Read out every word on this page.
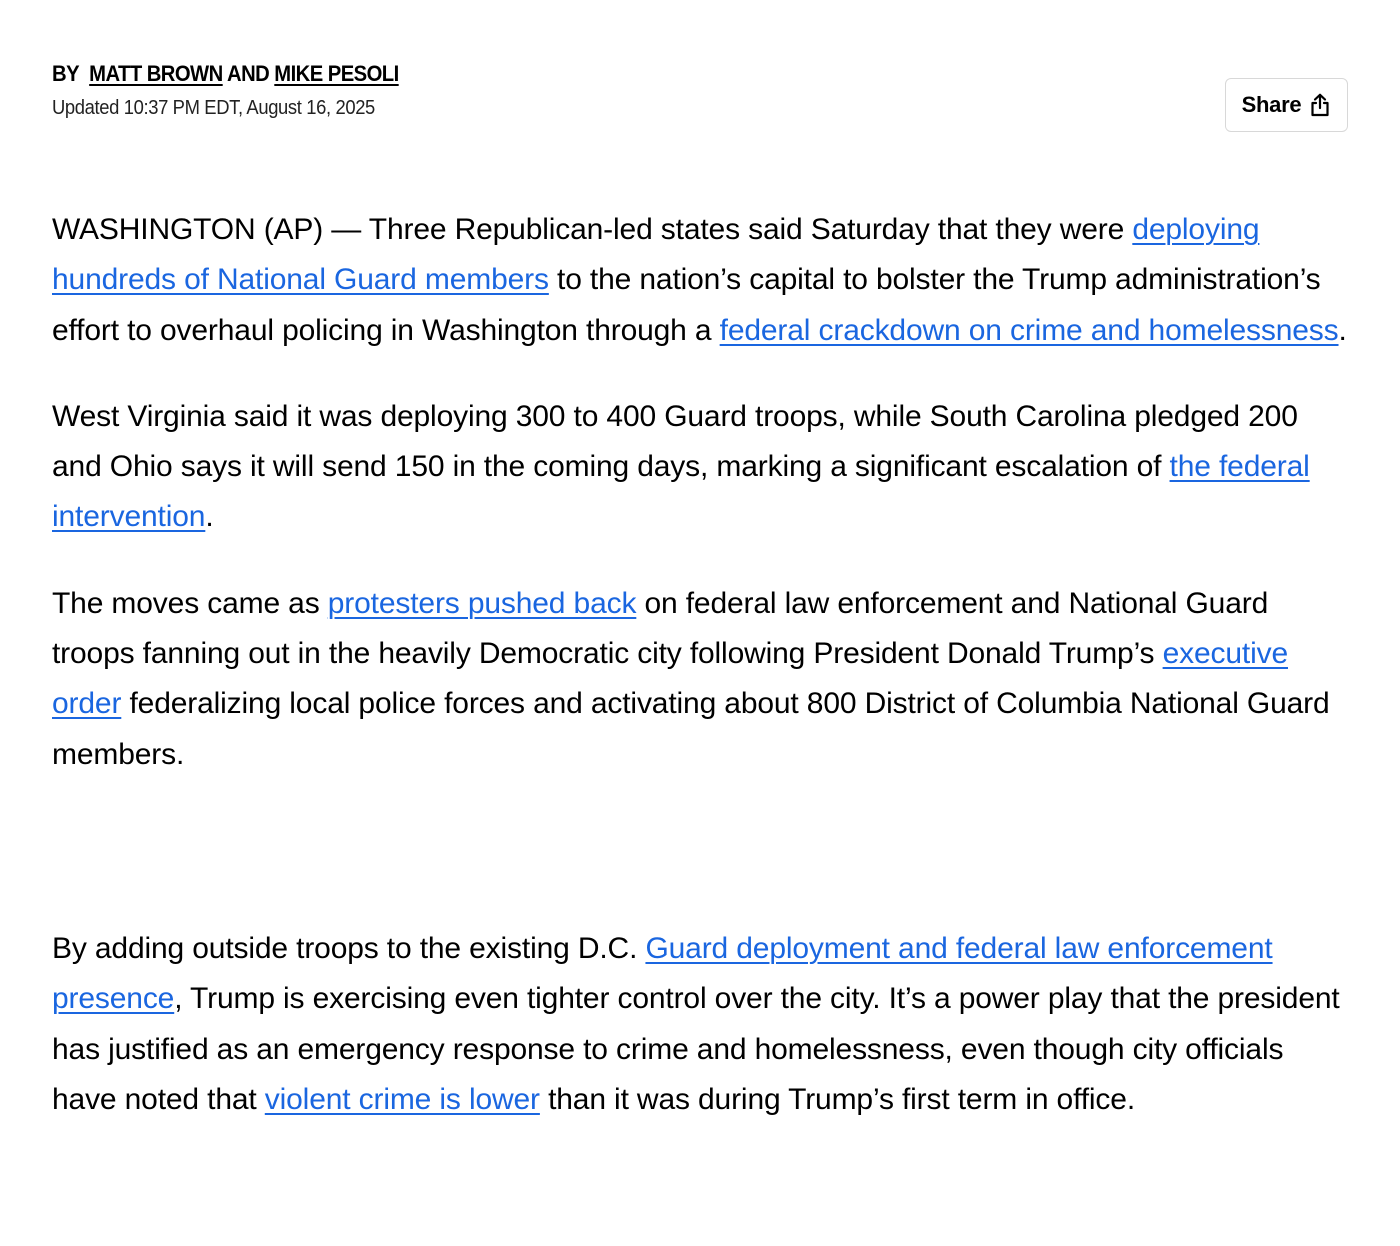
BY MATT BROWN AND MIKE PESOLI
Updated 10:37 PM EDT, August 16, 2025	Share

WASHINGTON (AP) — Three Republican-led states said Saturday that they were deploying hundreds of National Guard members to the nation’s capital to bolster the Trump administration’s effort to overhaul policing in Washington through a federal crackdown on crime and homelessness.

West Virginia said it was deploying 300 to 400 Guard troops, while South Carolina pledged 200 and Ohio says it will send 150 in the coming days, marking a significant escalation of the federal intervention.

The moves came as protesters pushed back on federal law enforcement and National Guard troops fanning out in the heavily Democratic city following President Donald Trump’s executive order federalizing local police forces and activating about 800 District of Columbia National Guard members.

By adding outside troops to the existing D.C. Guard deployment and federal law enforcement presence, Trump is exercising even tighter control over the city. It’s a power play that the president has justified as an emergency response to crime and homelessness, even though city officials have noted that violent crime is lower than it was during Trump’s first term in office.
